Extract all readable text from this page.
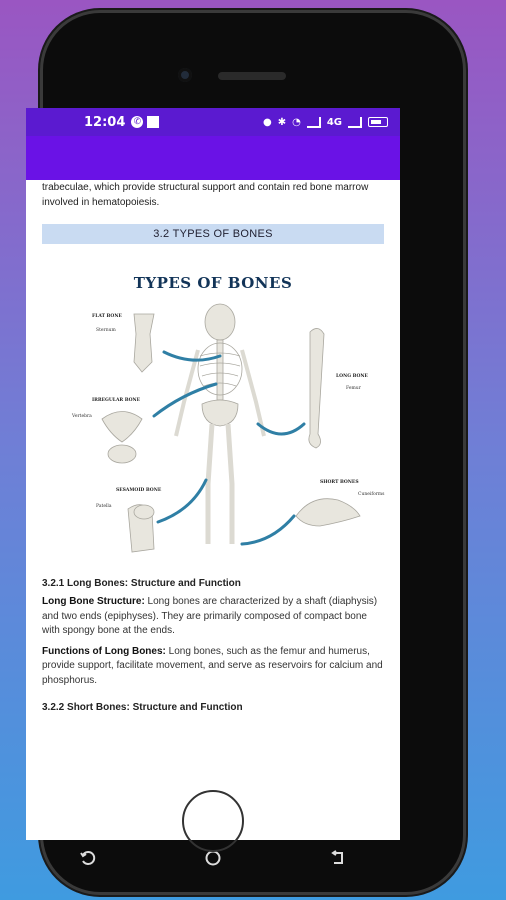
12:04 ✆	● ✱ ◔	4G

trabeculae, which provide structural support and contain red bone marrow involved in hematopoiesis.

3.2 TYPES OF BONES
TYPES OF BONES
FLAT BONE
Sternum
LONG BONE
Femur
IRREGULAR BONE
Vertebra
SESAMOID BONE
Patella
SHORT BONES
Cuneiforms
3.2.1 Long Bones: Structure and Function

Long Bone Structure: Long bones are characterized by a shaft (diaphysis) and two ends (epiphyses). They are primarily composed of compact bone with spongy bone at the ends.

Functions of Long Bones: Long bones, such as the femur and humerus, provide support, facilitate movement, and serve as reservoirs for calcium and phosphorus.

3.2.2 Short Bones: Structure and Function
